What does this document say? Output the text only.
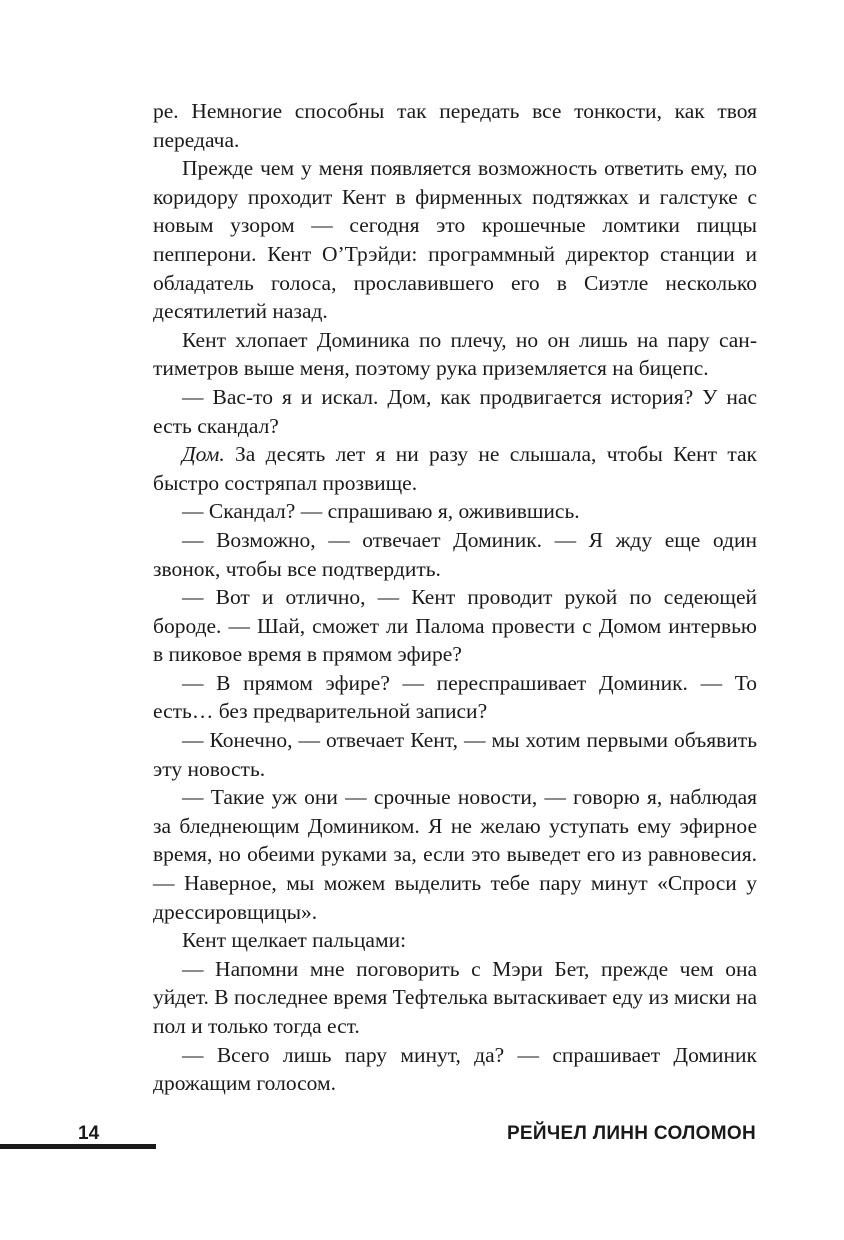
ре. Немногие способны так передать все тонкости, как твоя передача.

Прежде чем у меня появляется возможность ответить ему, по коридору проходит Кент в фирменных подтяжках и галстуке с новым узором — сегодня это крошечные ломтики пиццы пепперони. Кент О’Трэйди: программный директор станции и обладатель голоса, прославившего его в Сиэтле несколько десятилетий назад.

Кент хлопает Доминика по плечу, но он лишь на пару сантиметров выше меня, поэтому рука приземляется на бицепс.

— Вас-то я и искал. Дом, как продвигается история? У нас есть скандал?

Дом. За десять лет я ни разу не слышала, чтобы Кент так быстро состряпал прозвище.

— Скандал? — спрашиваю я, оживившись.

— Возможно, — отвечает Доминик. — Я жду еще один звонок, чтобы все подтвердить.

— Вот и отлично, — Кент проводит рукой по седеющей бороде. — Шай, сможет ли Палома провести с Домом интервью в пиковое время в прямом эфире?

— В прямом эфире? — переспрашивает Доминик. — То есть… без предварительной записи?

— Конечно, — отвечает Кент, — мы хотим первыми объявить эту новость.

— Такие уж они — срочные новости, — говорю я, наблюдая за бледнеющим Домиником. Я не желаю уступать ему эфирное время, но обеими руками за, если это выведет его из равновесия. — Наверное, мы можем выделить тебе пару минут «Спроси у дрессировщицы».

Кент щелкает пальцами:

— Напомни мне поговорить с Мэри Бет, прежде чем она уйдет. В последнее время Тефтелька вытаскивает еду из миски на пол и только тогда ест.

— Всего лишь пару минут, да? — спрашивает Доминик дрожащим голосом.

14	РЕЙЧЕЛ ЛИНН СОЛОМОН
